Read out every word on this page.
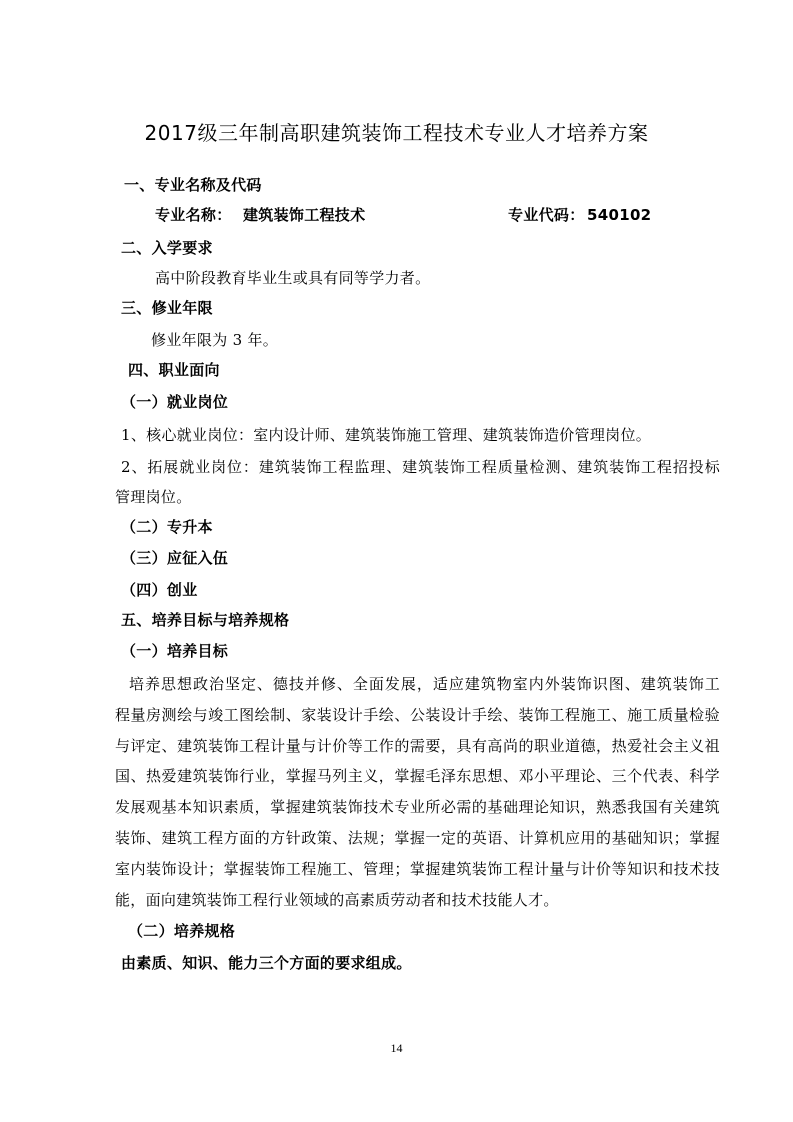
2017级三年制高职建筑装饰工程技术专业人才培养方案
一、专业名称及代码
专业名称： 建筑装饰工程技术	专业代码： 540102
二、入学要求
高中阶段教育毕业生或具有同等学力者。
三、修业年限
修业年限为 3 年。
四、职业面向
（一）就业岗位
1、核心就业岗位：室内设计师、建筑装饰施工管理、建筑装饰造价管理岗位。
2、拓展就业岗位：建筑装饰工程监理、建筑装饰工程质量检测、建筑装饰工程招投标
管理岗位。
（二）专升本
（三）应征入伍
（四）创业
五、培养目标与培养规格
（一）培养目标
培养思想政治坚定、德技并修、全面发展，适应建筑物室内外装饰识图、建筑装饰工
程量房测绘与竣工图绘制、家装设计手绘、公装设计手绘、装饰工程施工、施工质量检验
与评定、建筑装饰工程计量与计价等工作的需要，具有高尚的职业道德，热爱社会主义祖
国、热爱建筑装饰行业，掌握马列主义，掌握毛泽东思想、邓小平理论、三个代表、科学
发展观基本知识素质，掌握建筑装饰技术专业所必需的基础理论知识，熟悉我国有关建筑
装饰、建筑工程方面的方针政策、法规；掌握一定的英语、计算机应用的基础知识；掌握
室内装饰设计；掌握装饰工程施工、管理；掌握建筑装饰工程计量与计价等知识和技术技
能，面向建筑装饰工程行业领域的高素质劳动者和技术技能人才。
（二）培养规格
由素质、知识、能力三个方面的要求组成。
14
